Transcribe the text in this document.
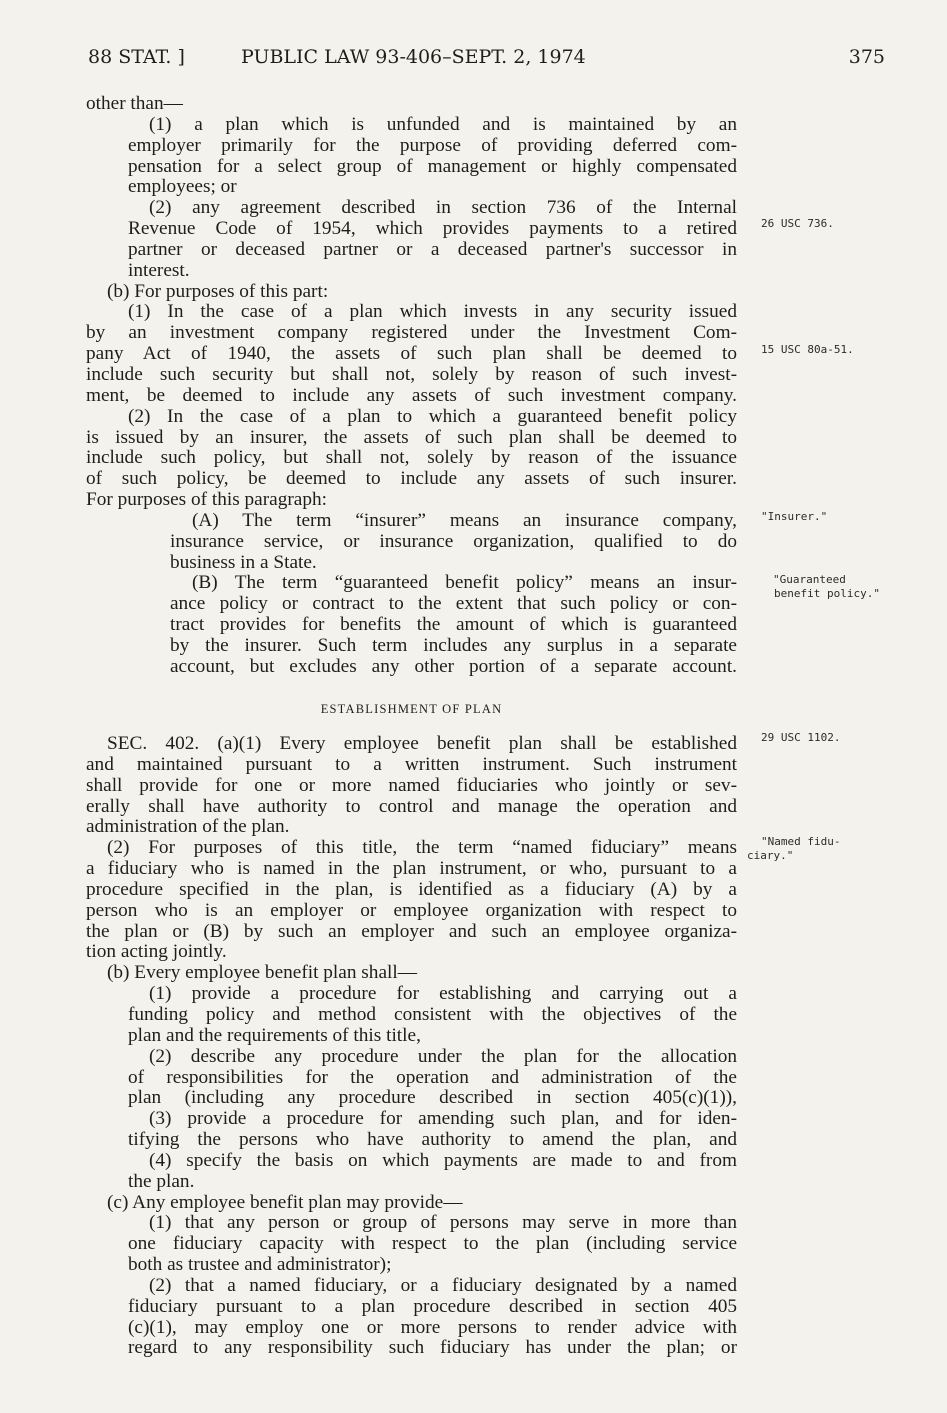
88 STAT. ]	PUBLIC LAW 93-406–SEPT. 2, 1974	375
other than—
(1) a plan which is unfunded and is maintained by an
employer primarily for the purpose of providing deferred com-
pensation for a select group of management or highly compensated
employees; or
(2) any agreement described in section 736 of the Internal
Revenue Code of 1954, which provides payments to a retired
partner or deceased partner or a deceased partner's successor in
interest.
(b) For purposes of this part:
(1) In the case of a plan which invests in any security issued
by an investment company registered under the Investment Com-
pany Act of 1940, the assets of such plan shall be deemed to
include such security but shall not, solely by reason of such invest-
ment, be deemed to include any assets of such investment company.
(2) In the case of a plan to which a guaranteed benefit policy
is issued by an insurer, the assets of such plan shall be deemed to
include such policy, but shall not, solely by reason of the issuance
of such policy, be deemed to include any assets of such insurer.
For purposes of this paragraph:
(A) The term “insurer” means an insurance company,
insurance service, or insurance organization, qualified to do
business in a State.
(B) The term “guaranteed benefit policy” means an insur-
ance policy or contract to the extent that such policy or con-
tract provides for benefits the amount of which is guaranteed
by the insurer. Such term includes any surplus in a separate
account, but excludes any other portion of a separate account.
ESTABLISHMENT OF PLAN
SEC. 402. (a)(1) Every employee benefit plan shall be established
and maintained pursuant to a written instrument. Such instrument
shall provide for one or more named fiduciaries who jointly or sev-
erally shall have authority to control and manage the operation and
administration of the plan.
(2) For purposes of this title, the term “named fiduciary” means
a fiduciary who is named in the plan instrument, or who, pursuant to a
procedure specified in the plan, is identified as a fiduciary (A) by a
person who is an employer or employee organization with respect to
the plan or (B) by such an employer and such an employee organiza-
tion acting jointly.
(b) Every employee benefit plan shall—
(1) provide a procedure for establishing and carrying out a
funding policy and method consistent with the objectives of the
plan and the requirements of this title,
(2) describe any procedure under the plan for the allocation
of responsibilities for the operation and administration of the
plan (including any procedure described in section 405(c)(1)),
(3) provide a procedure for amending such plan, and for iden-
tifying the persons who have authority to amend the plan, and
(4) specify the basis on which payments are made to and from
the plan.
(c) Any employee benefit plan may provide—
(1) that any person or group of persons may serve in more than
one fiduciary capacity with respect to the plan (including service
both as trustee and administrator);
(2) that a named fiduciary, or a fiduciary designated by a named
fiduciary pursuant to a plan procedure described in section 405
(c)(1), may employ one or more persons to render advice with
regard to any responsibility such fiduciary has under the plan; or
26 USC 736.
15 USC 80a-51.
"Insurer."
"Guaranteed
benefit policy."
29 USC 1102.
"Named fidu-
ciary."
